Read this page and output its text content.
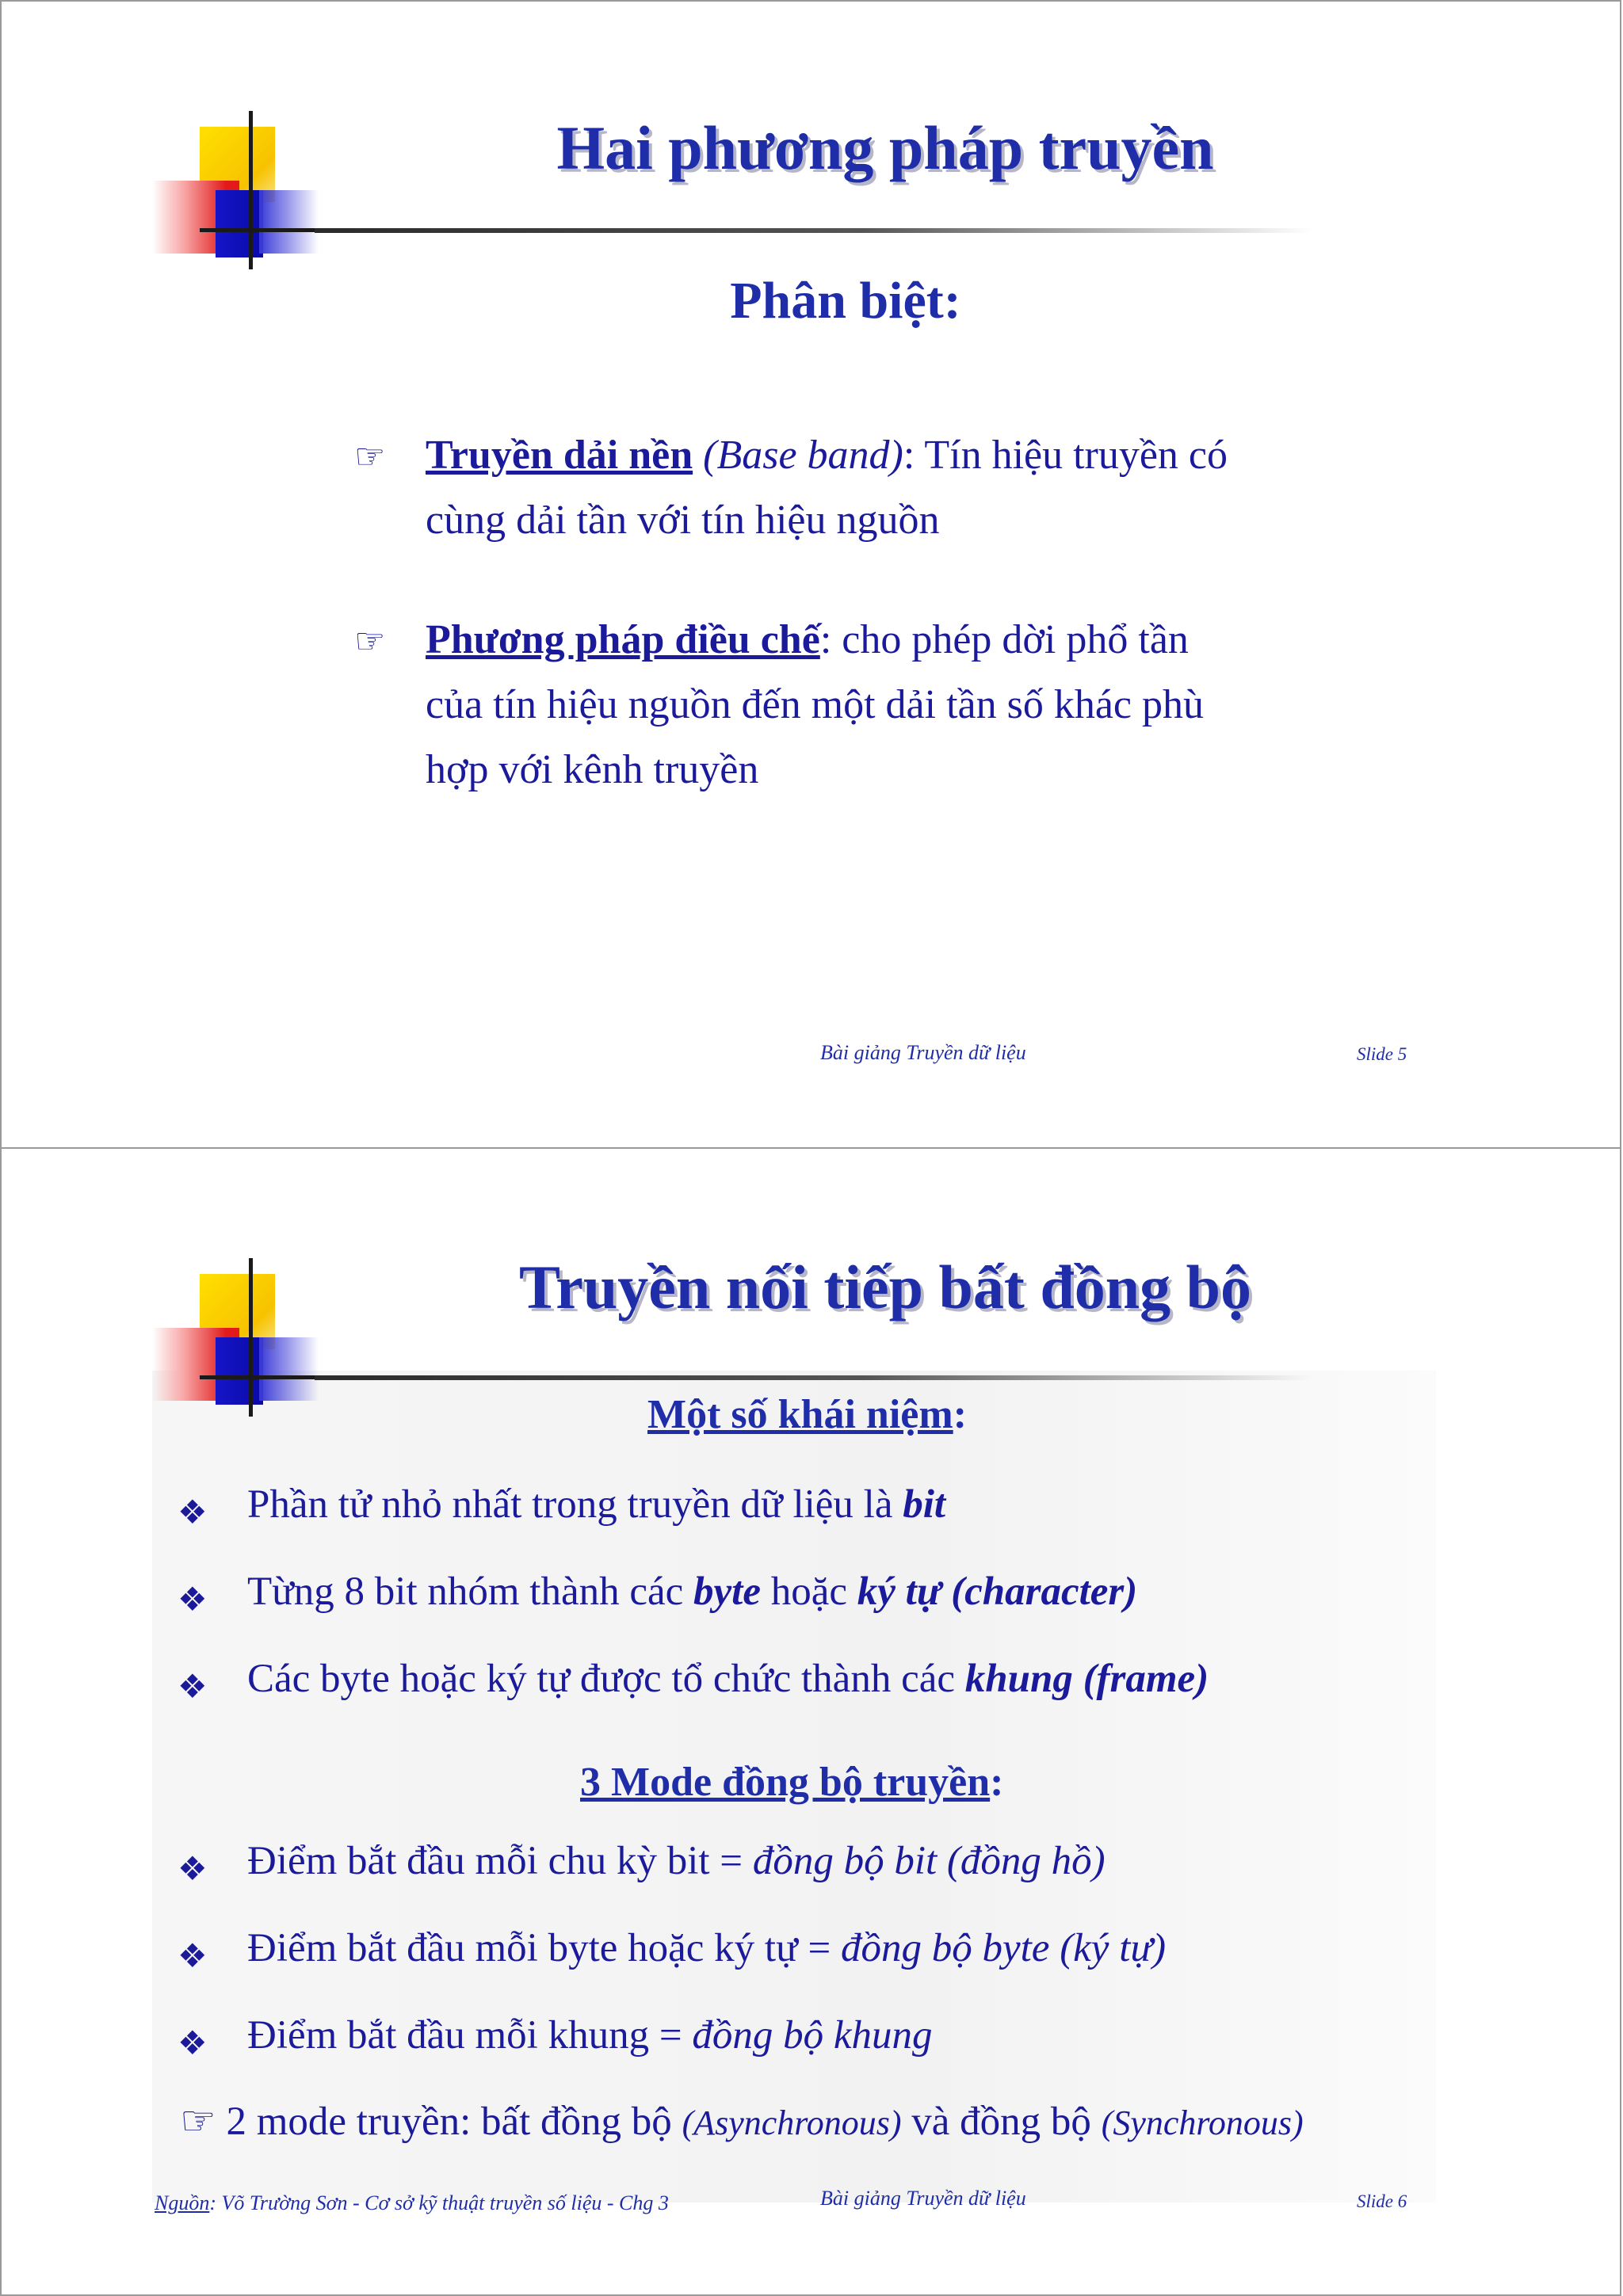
Hai phương pháp truyền
Phân biệt:
☞ Truyền dải nền (Base band): Tín hiệu truyền có
cùng dải tần với tín hiệu nguồn
☞ Phương pháp điều chế: cho phép dời phổ tần
của tín hiệu nguồn đến một dải tần số khác phù
hợp với kênh truyền
Bài giảng Truyền dữ liệu	Slide 5
Truyền nối tiếp bất đồng bộ
Một số khái niệm:
❖ Phần tử nhỏ nhất trong truyền dữ liệu là bit
❖ Từng 8 bit nhóm thành các byte hoặc ký tự (character)
❖ Các byte hoặc ký tự được tổ chức thành các khung (frame)
3 Mode đồng bộ truyền:
❖ Điểm bắt đầu mỗi chu kỳ bit = đồng bộ bit (đồng hồ)
❖ Điểm bắt đầu mỗi byte hoặc ký tự = đồng bộ byte (ký tự)
❖ Điểm bắt đầu mỗi khung = đồng bộ khung
☞ 2 mode truyền: bất đồng bộ (Asynchronous) và đồng bộ (Synchronous)
Nguồn: Võ Trường Sơn - Cơ sở kỹ thuật truyền số liệu - Chg 3	Bài giảng Truyền dữ liệu	Slide 6
